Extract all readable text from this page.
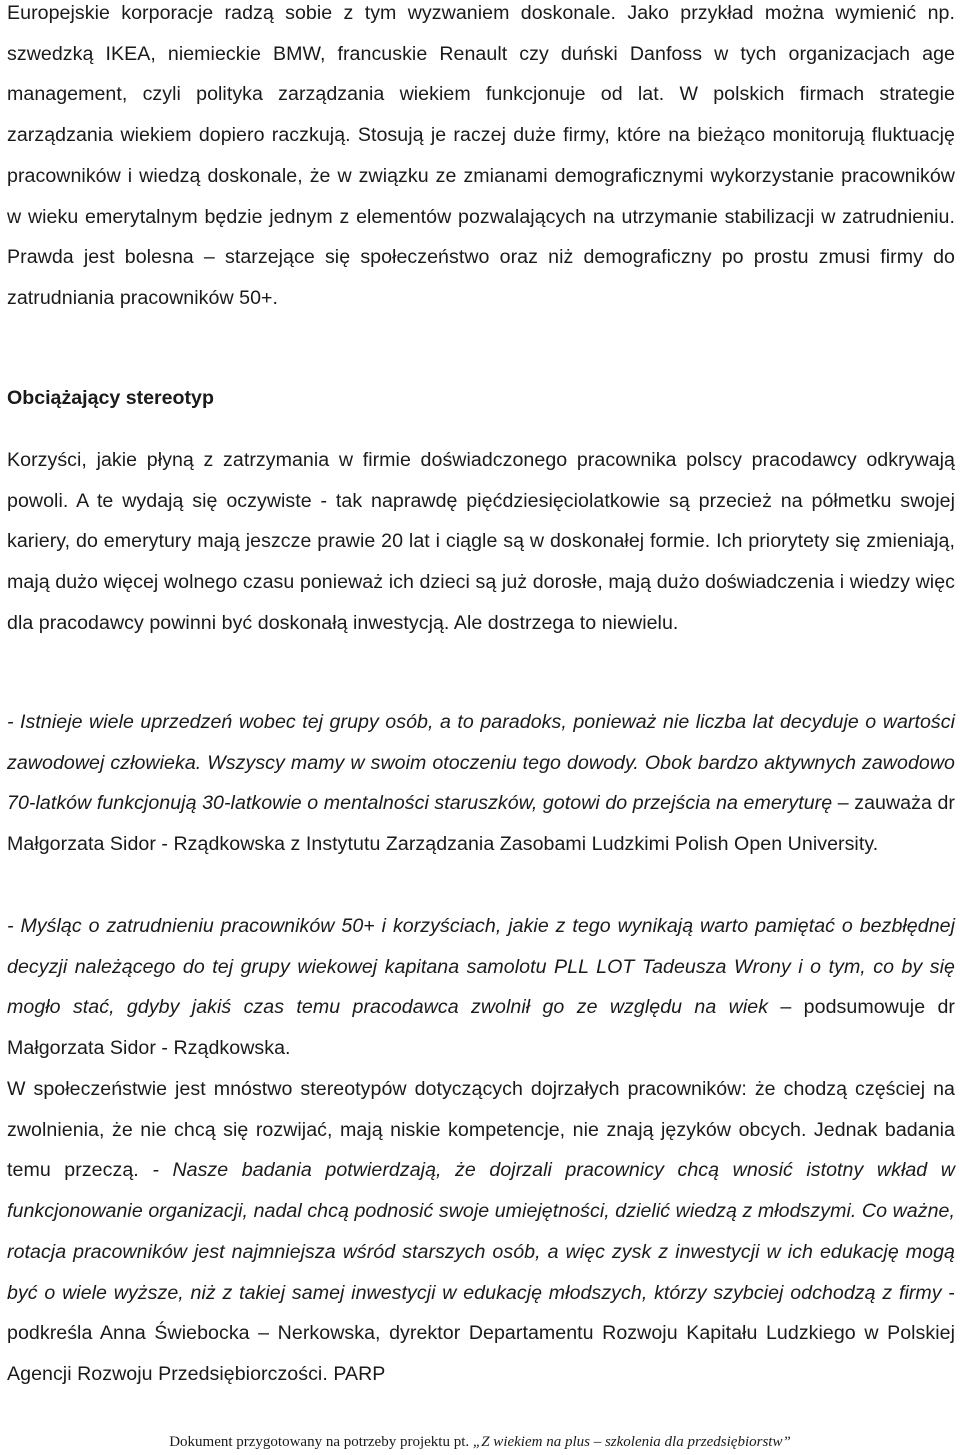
Europejskie korporacje radzą sobie z tym wyzwaniem doskonale. Jako przykład można wymienić np. szwedzką IKEA, niemieckie BMW, francuskie Renault czy duński Danfoss w tych organizacjach age management, czyli polityka zarządzania wiekiem funkcjonuje od lat. W polskich firmach strategie zarządzania wiekiem dopiero raczkują. Stosują je raczej duże firmy, które na bieżąco monitorują fluktuację pracowników i wiedzą doskonale, że w związku ze zmianami demograficznymi wykorzystanie pracowników w wieku emerytalnym będzie jednym z elementów pozwalających na utrzymanie stabilizacji w zatrudnieniu. Prawda jest bolesna – starzejące się społeczeństwo oraz niż demograficzny po prostu zmusi firmy do zatrudniania pracowników 50+.

Obciążający stereotyp

Korzyści, jakie płyną z zatrzymania w firmie doświadczonego pracownika polscy pracodawcy odkrywają powoli. A te wydają się oczywiste - tak naprawdę pięćdziesięciolatkowie są przecież na półmetku swojej kariery, do emerytury mają jeszcze prawie 20 lat i ciągle są w doskonałej formie. Ich priorytety się zmieniają, mają dużo więcej wolnego czasu ponieważ ich dzieci są już dorosłe, mają dużo doświadczenia i wiedzy więc dla pracodawcy powinni być doskonałą inwestycją. Ale dostrzega to niewielu.

- Istnieje wiele uprzedzeń wobec tej grupy osób, a to paradoks, ponieważ nie liczba lat decyduje o wartości zawodowej człowieka. Wszyscy mamy w swoim otoczeniu tego dowody. Obok bardzo aktywnych zawodowo 70-latków funkcjonują 30-latkowie o mentalności staruszków, gotowi do przejścia na emeryturę – zauważa dr Małgorzata Sidor - Rządkowska z Instytutu Zarządzania Zasobami Ludzkimi Polish Open University.

- Myśląc o zatrudnieniu pracowników 50+ i korzyściach, jakie z tego wynikają warto pamiętać o bezbłędnej decyzji należącego do tej grupy wiekowej kapitana samolotu PLL LOT Tadeusza Wrony i o tym, co by się mogło stać, gdyby jakiś czas temu pracodawca zwolnił go ze względu na wiek – podsumowuje dr Małgorzata Sidor - Rządkowska.

W społeczeństwie jest mnóstwo stereotypów dotyczących dojrzałych pracowników: że chodzą częściej na zwolnienia, że nie chcą się rozwijać, mają niskie kompetencje, nie znają języków obcych. Jednak badania temu przeczą. - Nasze badania potwierdzają, że dojrzali pracownicy chcą wnosić istotny wkład w funkcjonowanie organizacji, nadal chcą podnosić swoje umiejętności, dzielić wiedzą z młodszymi. Co ważne, rotacja pracowników jest najmniejsza wśród starszych osób, a więc zysk z inwestycji w ich edukację mogą być o wiele wyższe, niż z takiej samej inwestycji w edukację młodszych, którzy szybciej odchodzą z firmy - podkreśla Anna Świebocka – Nerkowska, dyrektor Departamentu Rozwoju Kapitału Ludzkiego w Polskiej Agencji Rozwoju Przedsiębiorczości. PARP

Dokument przygotowany na potrzeby projektu pt. „Z wiekiem na plus – szkolenia dla przedsiębiorstw”
